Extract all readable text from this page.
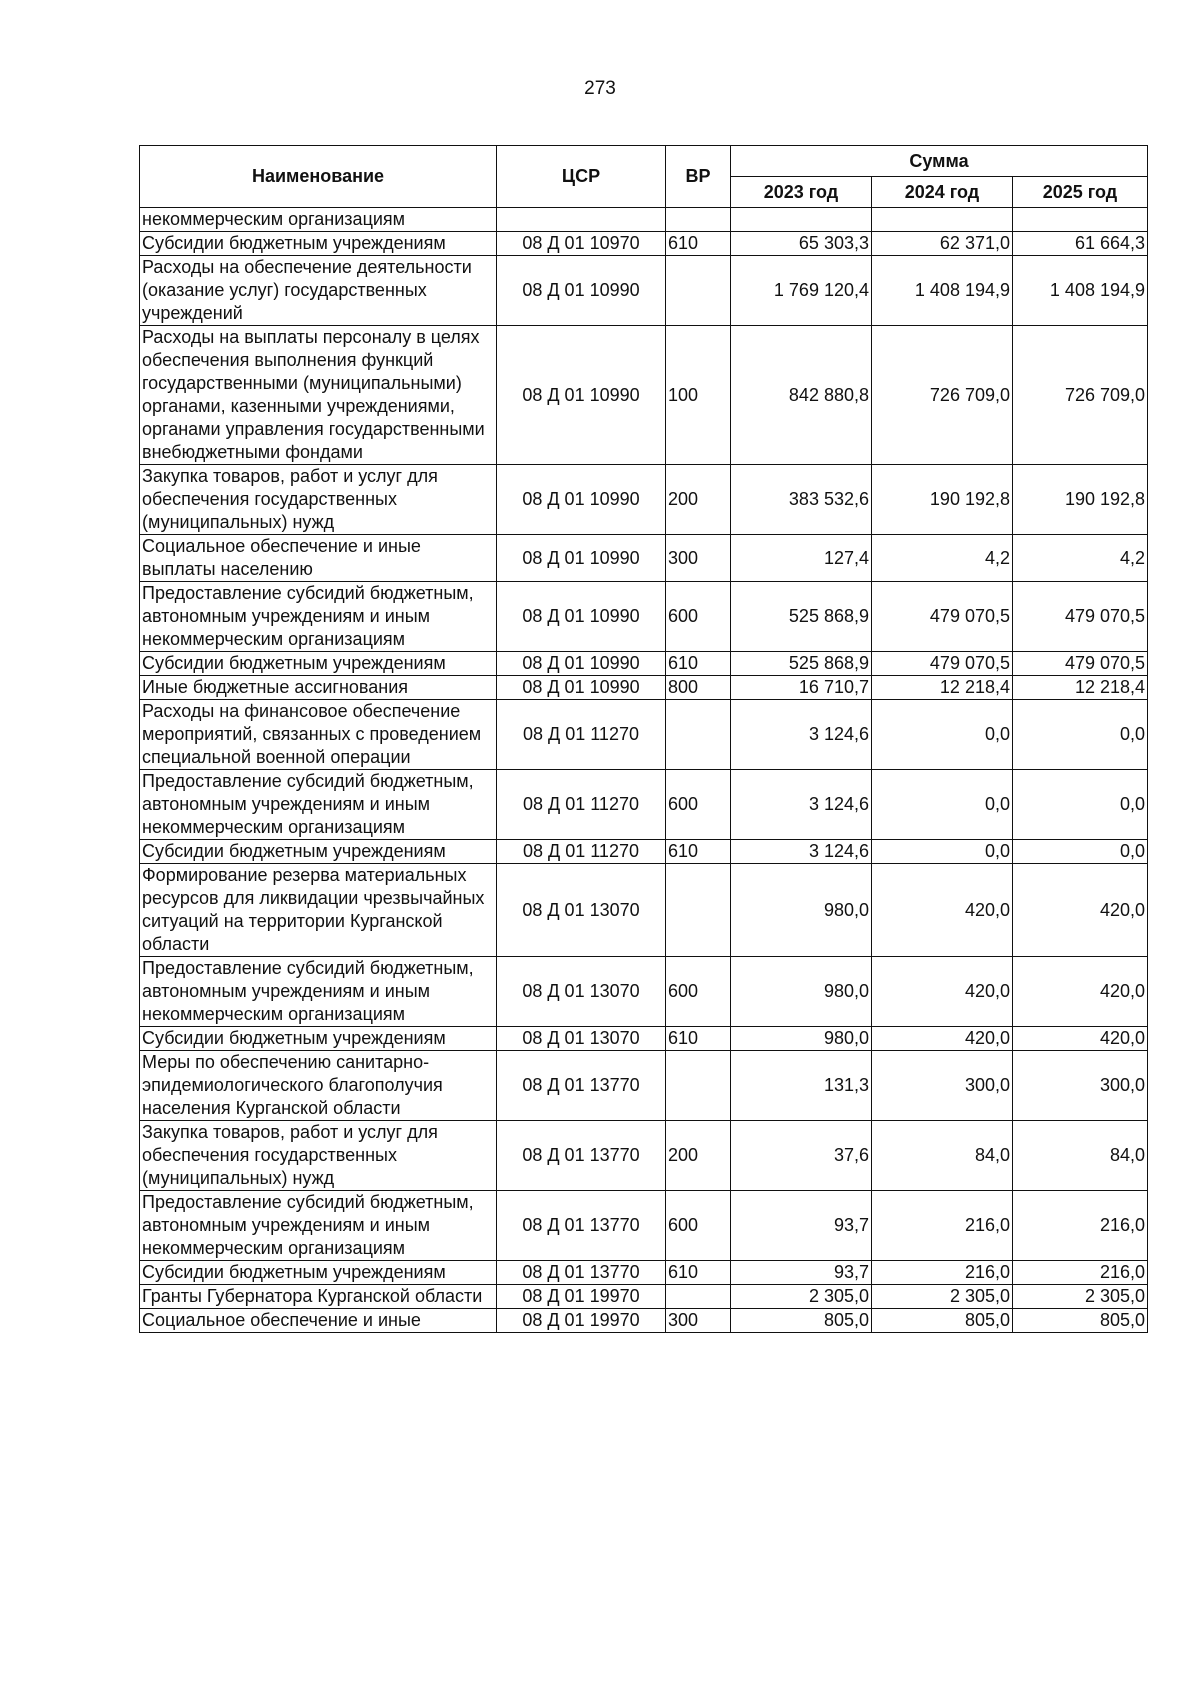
273
Наименование	ЦСР	ВР	Сумма		
			2023 год	2024 год	2025 год
некоммерческим организациям					
Субсидии бюджетным учреждениям	08 Д 01 10970	610	65 303,3	62 371,0	61 664,3
Расходы на обеспечение деятельности (оказание услуг) государственных учреждений	08 Д 01 10990		1 769 120,4	1 408 194,9	1 408 194,9
Расходы на выплаты персоналу в целях обеспечения выполнения функций государственными (муниципальными) органами, казенными учреждениями, органами управления государственными внебюджетными фондами	08 Д 01 10990	100	842 880,8	726 709,0	726 709,0
Закупка товаров, работ и услуг для обеспечения государственных (муниципальных) нужд	08 Д 01 10990	200	383 532,6	190 192,8	190 192,8
Социальное обеспечение и иные выплаты населению	08 Д 01 10990	300	127,4	4,2	4,2
Предоставление субсидий бюджетным, автономным учреждениям и иным некоммерческим организациям	08 Д 01 10990	600	525 868,9	479 070,5	479 070,5
Субсидии бюджетным учреждениям	08 Д 01 10990	610	525 868,9	479 070,5	479 070,5
Иные бюджетные ассигнования	08 Д 01 10990	800	16 710,7	12 218,4	12 218,4
Расходы на финансовое обеспечение мероприятий, связанных с проведением специальной военной операции	08 Д 01 11270		3 124,6	0,0	0,0
Предоставление субсидий бюджетным, автономным учреждениям и иным некоммерческим организациям	08 Д 01 11270	600	3 124,6	0,0	0,0
Субсидии бюджетным учреждениям	08 Д 01 11270	610	3 124,6	0,0	0,0
Формирование резерва материальных ресурсов для ликвидации чрезвычайных ситуаций на территории Курганской области	08 Д 01 13070		980,0	420,0	420,0
Предоставление субсидий бюджетным, автономным учреждениям и иным некоммерческим организациям	08 Д 01 13070	600	980,0	420,0	420,0
Субсидии бюджетным учреждениям	08 Д 01 13070	610	980,0	420,0	420,0
Меры по обеспечению санитарно-эпидемиологического благополучия населения Курганской области	08 Д 01 13770		131,3	300,0	300,0
Закупка товаров, работ и услуг для обеспечения государственных (муниципальных) нужд	08 Д 01 13770	200	37,6	84,0	84,0
Предоставление субсидий бюджетным, автономным учреждениям и иным некоммерческим организациям	08 Д 01 13770	600	93,7	216,0	216,0
Субсидии бюджетным учреждениям	08 Д 01 13770	610	93,7	216,0	216,0
Гранты Губернатора Курганской области	08 Д 01 19970		2 305,0	2 305,0	2 305,0
Социальное обеспечение и иные	08 Д 01 19970	300	805,0	805,0	805,0
